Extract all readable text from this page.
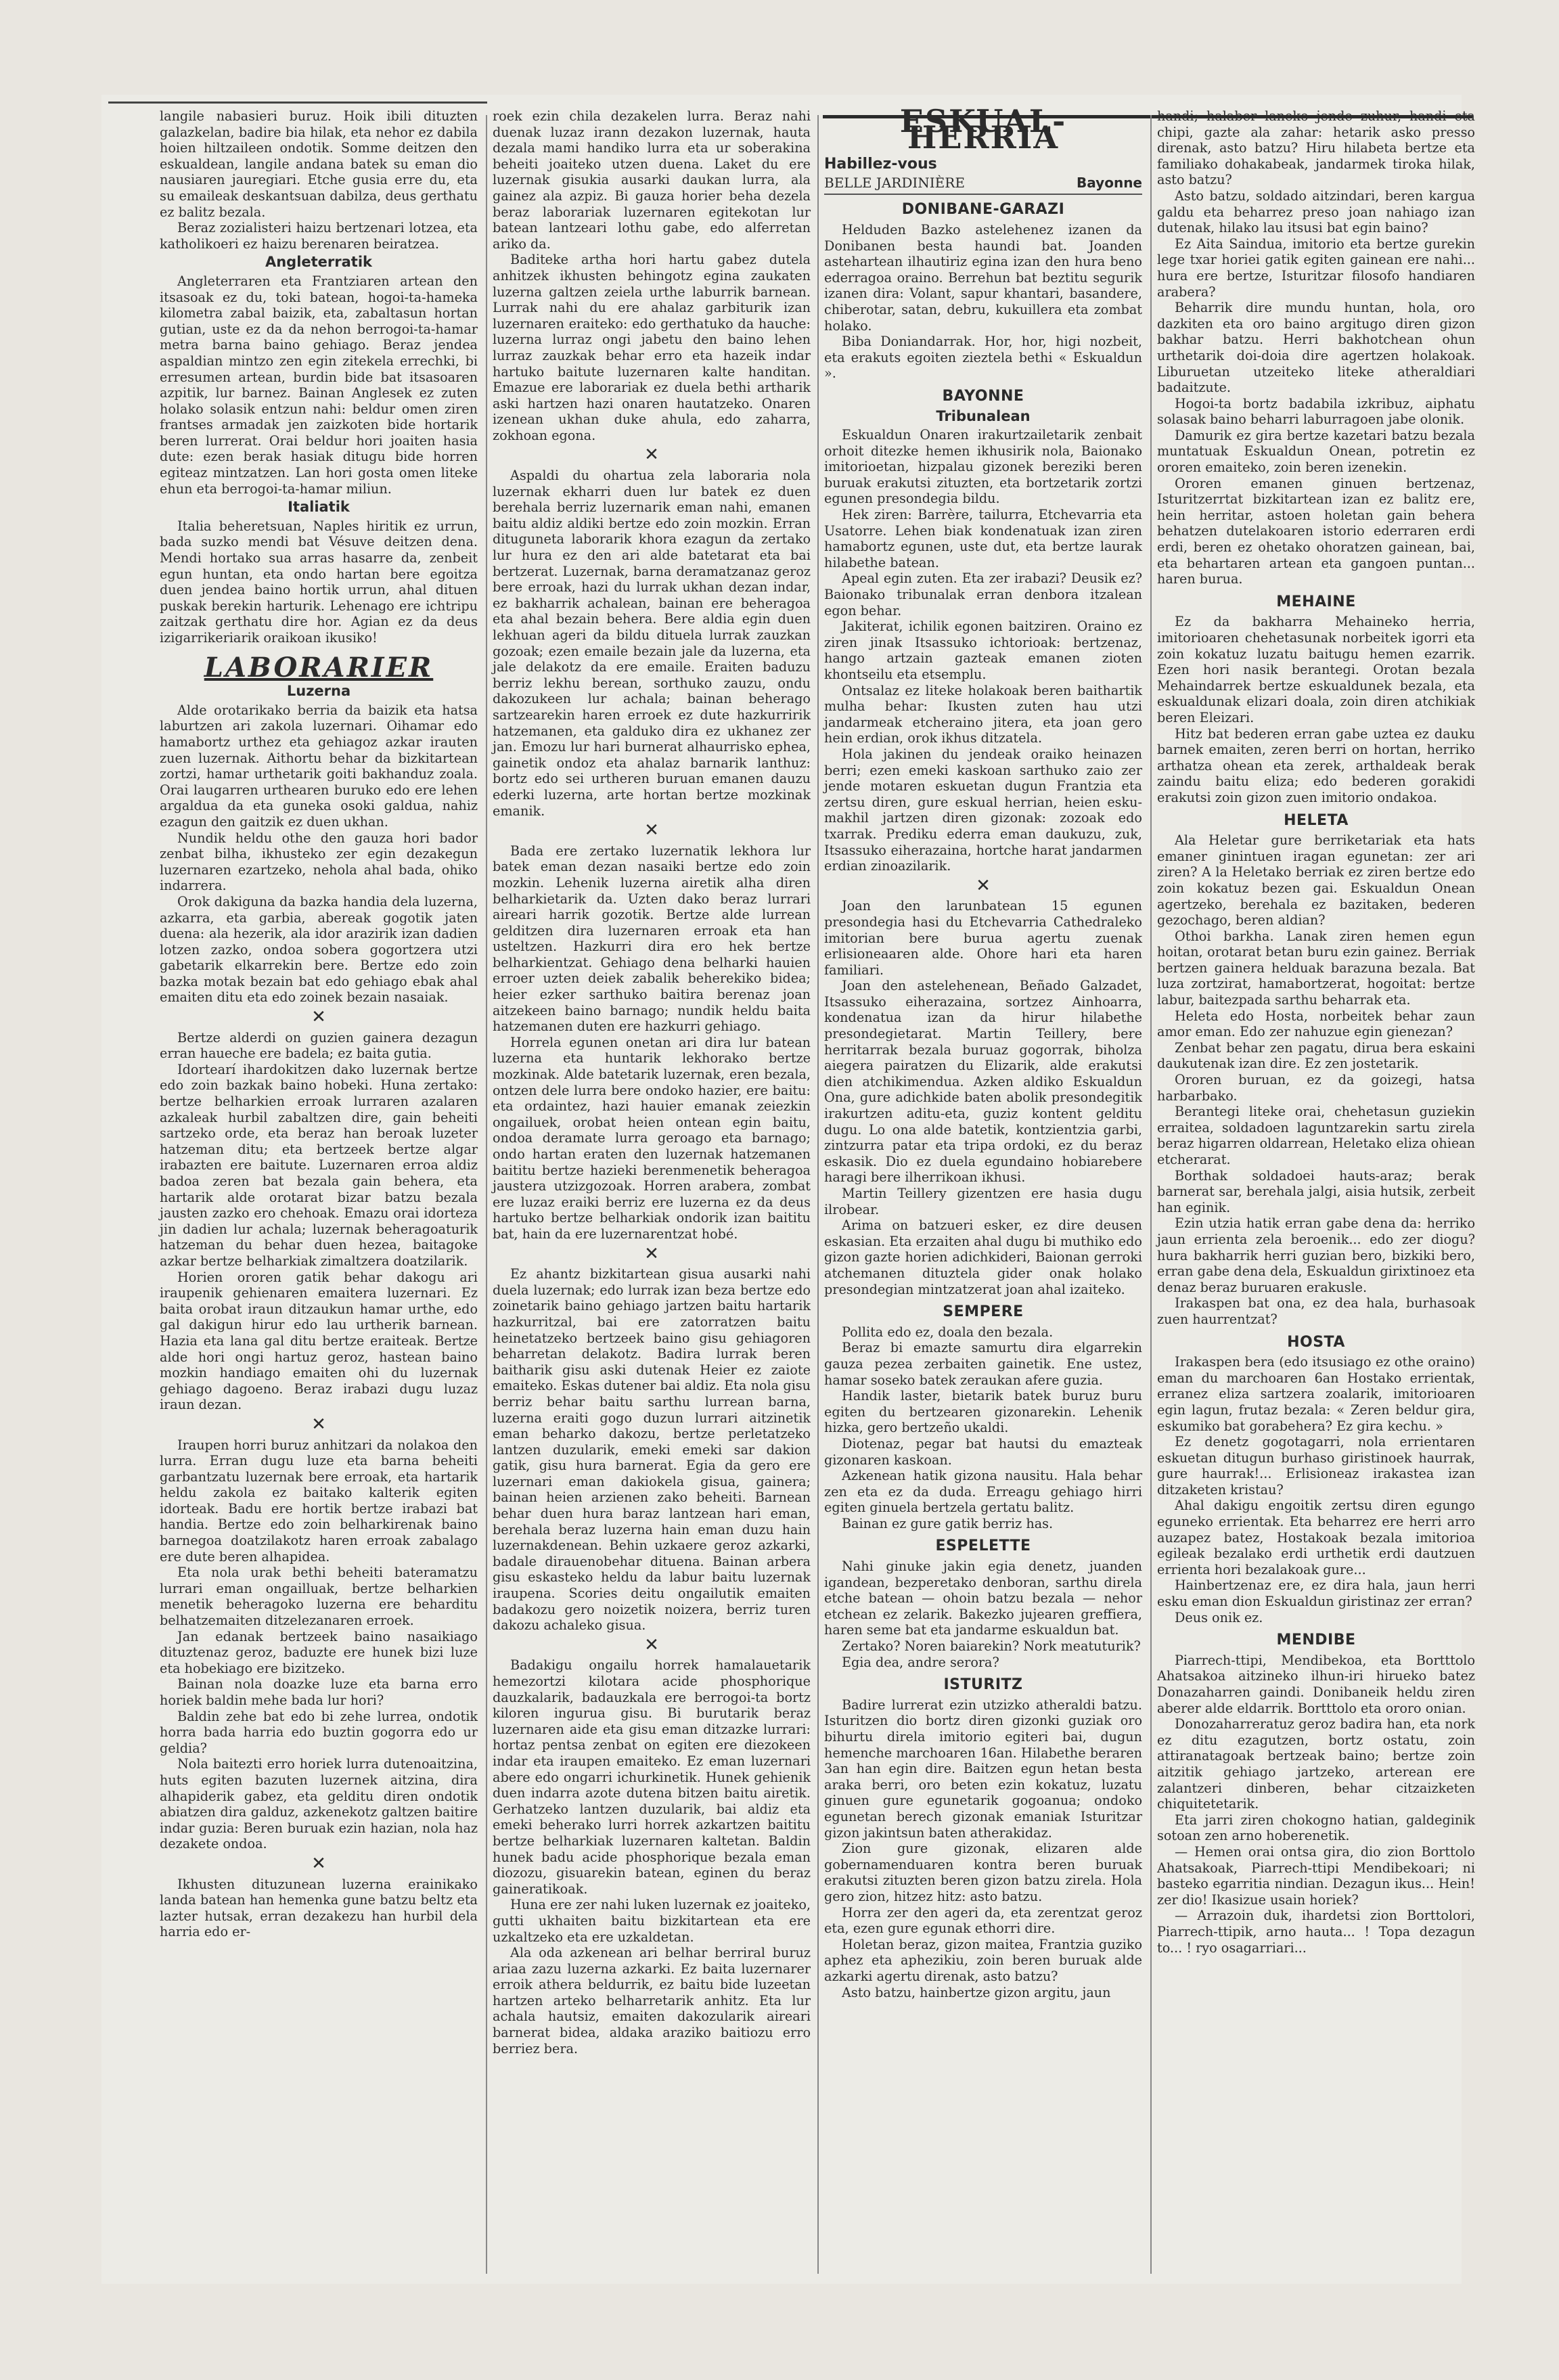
langile nabasieri buruz. Hoik ibili dituzten galazkelan, badire bia hilak, eta nehor ez dabila hoien hiltzaileen ondotik. Somme deitzen den eskualdean, langile andana batek su eman dio nausiaren jauregiari. Etche gusia erre du, eta su emaileak deskantsuan dabilza, deus gerthatu ez balitz bezala.

Beraz zozialisteri haizu bertzenari lotzea, eta katholikoeri ez haizu berenaren beiratzea.

Angleterratik

Angleterraren eta Frantziaren artean den itsasoak ez du, toki batean, hogoi-ta-hameka kilometra zabal baizik, eta, zabaltasun hortan gutian, uste ez da da nehon berrogoi-ta-hamar metra barna baino gehiago. Beraz jendea aspaldian mintzo zen egin zitekela errechki, bi erresumen artean, burdin bide bat itsasoaren azpitik, lur barnez. Bainan Anglesek ez zuten holako solasik entzun nahi: beldur omen ziren frantses armadak jen zaizkoten bide hortarik beren lurrerat. Orai beldur hori joaiten hasia dute: ezen berak hasiak ditugu bide horren egiteaz mintzatzen. Lan hori gosta omen liteke ehun eta berrogoi-ta-hamar miliun.

Italiatik

Italia beheretsuan, Naples hiritik ez urrun, bada suzko mendi bat Vésuve deitzen dena. Mendi hortako sua arras hasarre da, zenbeit egun huntan, eta ondo hartan bere egoitza duen jendea baino hortik urrun, ahal dituen puskak berekin harturik. Lehenago ere ichtripu zaitzak gerthatu dire hor. Agian ez da deus izigarrikeriarik oraikoan ikusiko!

LABORARIER
Luzerna

Alde orotarikako berria da baizik eta hatsa laburtzen ari zakola luzernari. Oihamar edo hamabortz urthez eta gehiagoz azkar irauten zuen luzernak. Aithortu behar da bizkitartean zortzi, hamar urthetarik goiti bakhanduz zoala. Orai laugarren urthearen buruko edo ere lehen argaldua da eta guneka osoki galdua, nahiz ezagun den gaitzik ez duen ukhan.

Nundik heldu othe den gauza hori bador zenbat bilha, ikhusteko zer egin dezakegun luzernaren ezartzeko, nehola ahal bada, ohiko indarrera.

Orok dakiguna da bazka handia dela luzerna, azkarra, eta garbia, abereak gogotik jaten duena: ala hezerik, ala idor arazirik izan dadien lotzen zazko, ondoa sobera gogortzera utzi gabetarik elkarrekin bere. Bertze edo zoin bazka motak bezain bat edo gehiago ebak ahal emaiten ditu eta edo zoinek bezain nasaiak.

✕

Bertze alderdi on guzien gainera dezagun erran haueche ere badela; ez baita gutia.

Idortearí ihardokitzen dako luzernak bertze edo zoin bazkak baino hobeki. Huna zertako: bertze belharkien erroak lurraren azalaren azkaleak hurbil zabaltzen dire, gain beheiti sartzeko orde, eta beraz han beroak luzeter hatzeman ditu; eta bertzeek bertze algar irabazten ere baitute. Luzernaren erroa aldiz badoa zeren bat bezala gain behera, eta hartarik alde orotarat bizar batzu bezala jausten zazko ero chehoak. Emazu orai idorteza jin dadien lur achala; luzernak beheragoaturik hatzeman du behar duen hezea, baitagoke azkar bertze belharkiak zimaltzera doatzilarik.

Horien ororen gatik behar dakogu ari iraupenik gehienaren emaitera luzernari. Ez baita orobat iraun ditzaukun hamar urthe, edo gal dakigun hirur edo lau urtherik barnean. Hazia eta lana gal ditu bertze eraiteak. Bertze alde hori ongi hartuz geroz, hastean baino mozkin handiago emaiten ohi du luzernak gehiago dagoeno. Beraz irabazi dugu luzaz iraun dezan.

✕

Iraupen horri buruz anhitzari da nolakoa den lurra. Erran dugu luze eta barna beheiti garbantzatu luzernak bere erroak, eta hartarik heldu zakola ez baitako kalterik egiten idorteak. Badu ere hortik bertze irabazi bat handia. Bertze edo zoin belharkirenak baino barnegoa doatzilakotz haren erroak zabalago ere dute beren alhapidea.

Eta nola urak bethi beheiti bateramatzu lurrari eman ongailluak, bertze belharkien menetik beheragoko luzerna ere beharditu belhatzemaiten ditzelezanaren erroek.

Jan edanak bertzeek baino nasaikiago dituztenaz geroz, baduzte ere hunek bizi luze eta hobekiago ere bizitzeko.

Bainan nola doazke luze eta barna erro horiek baldin mehe bada lur hori?

Baldin zehe bat edo bi zehe lurrea, ondotik horra bada harria edo buztin gogorra edo ur geldia?

Nola baitezti erro horiek lurra dutenoaitzina, huts egiten bazuten luzernek aitzina, dira alhapiderik gabez, eta gelditu diren ondotik abiatzen dira galduz, azkenekotz galtzen baitire indar guzia: Beren buruak ezin hazian, nola haz dezakete ondoa.

✕

Ikhusten dituzunean luzerna erainikako landa batean han hemenka gune batzu beltz eta lazter hutsak, erran dezakezu han hurbil dela harria edo er-

roek ezin chila dezakelen lurra. Beraz nahi duenak luzaz irann dezakon luzernak, hauta dezala mami handiko lurra eta ur soberakina beheiti joaiteko utzen duena. Laket du ere luzernak gisukia ausarki daukan lurra, ala gainez ala azpiz. Bi gauza horier beha dezela beraz laborariak luzernaren egitekotan lur batean lantzeari lothu gabe, edo alferretan ariko da.

Baditeke artha hori hartu gabez dutela anhitzek ikhusten behingotz egina zaukaten luzerna galtzen zeiela urthe laburrik barnean. Lurrak nahi du ere ahalaz garbiturik izan luzernaren eraiteko: edo gerthatuko da hauche: luzerna lurraz ongi jabetu den baino lehen lurraz zauzkak behar erro eta hazeik indar hartuko baitute luzernaren kalte handitan. Emazue ere laborariak ez duela bethi artharik aski hartzen hazi onaren hautatzeko. Onaren izenean ukhan duke ahula, edo zaharra, zokhoan egona.

✕

Aspaldi du ohartua zela laboraria nola luzernak ekharri duen lur batek ez duen berehala berriz luzernarik eman nahi, emanen baitu aldiz aldiki bertze edo zoin mozkin. Erran dituguneta laborarik khora ezagun da zertako lur hura ez den ari alde batetarat eta bai bertzerat. Luzernak, barna deramatzanaz geroz bere erroak, hazi du lurrak ukhan dezan indar, ez bakharrik achalean, bainan ere beheragoa eta ahal bezain behera. Bere aldia egin duen lekhuan ageri da bildu dituela lurrak zauzkan gozoak; ezen emaile bezain jale da luzerna, eta jale delakotz da ere emaile. Eraiten baduzu berriz lekhu berean, sorthuko zauzu, ondu dakozukeen lur achala; bainan beherago sartzearekin haren erroek ez dute hazkurririk hatzemanen, eta galduko dira ez ukhanez zer jan. Emozu lur hari burnerat alhaurrisko ephea, gainetik ondoz eta ahalaz barnarik lanthuz: bortz edo sei urtheren buruan emanen dauzu ederki luzerna, arte hortan bertze mozkinak emanik.

✕

Bada ere zertako luzernatik lekhora lur batek eman dezan nasaiki bertze edo zoin mozkin. Lehenik luzerna airetik alha diren belharkietarik da. Uzten dako beraz lurrari aireari harrik gozotik. Bertze alde lurrean gelditzen dira luzernaren erroak eta han usteltzen. Hazkurri dira ero hek bertze belharkientzat. Gehiago dena belharki hauien erroer uzten deiek zabalik beherekiko bidea; heier ezker sarthuko baitira berenaz joan aitzekeen baino barnago; nundik heldu baita hatzemanen duten ere hazkurri gehiago.

Horrela egunen onetan ari dira lur batean luzerna eta huntarik lekhorako bertze mozkinak. Alde batetarik luzernak, eren bezala, ontzen dele lurra bere ondoko hazier, ere baitu: eta ordaintez, hazi hauier emanak zeiezkin ongailuek, orobat heien ontean egin baitu, ondoa deramate lurra geroago eta barnago; ondo hartan eraten den luzernak hatzemanen baititu bertze hazieki berenmenetik beheragoa jaustera utzizgozoak. Horren arabera, zombat ere luzaz eraiki berriz ere luzerna ez da deus hartuko bertze belharkiak ondorik izan baititu bat, hain da ere luzernarentzat hobé.

✕

Ez ahantz bizkitartean gisua ausarki nahi duela luzernak; edo lurrak izan beza bertze edo zoinetarik baino gehiago jartzen baitu hartarik hazkurritzal, bai ere zatorratzen baitu heinetatzeko bertzeek baino gisu gehiagoren beharretan delakotz. Badira lurrak beren baitharik gisu aski dutenak Heier ez zaiote emaiteko. Eskas dutener bai aldiz. Eta nola gisu berriz behar baitu sarthu lurrean barna, luzerna eraiti gogo duzun lurrari aitzinetik eman beharko dakozu, bertze perletatzeko lantzen duzularik, emeki emeki sar dakion gatik, gisu hura barnerat. Egia da gero ere luzernari eman dakiokela gisua, gainera; bainan heien arzienen zako beheiti. Barnean behar duen hura baraz lantzean hari eman, berehala beraz luzerna hain eman duzu hain luzernakdenean. Behin uzkaere geroz azkarki, badale dirauenobehar dituena. Bainan arbera gisu eskasteko heldu da labur baitu luzernak iraupena. Scories deitu ongailutik emaiten badakozu gero noizetik noizera, berriz turen dakozu achaleko gisua.

✕

Badakigu ongailu horrek hamalauetarik hemezortzi kilotara acide phosphorique dauzkalarik, badauzkala ere berrogoi-ta bortz kiloren ingurua gisu. Bi burutarik beraz luzernaren aide eta gisu eman ditzazke lurrari: hortaz pentsa zenbat on egiten ere diezokeen indar eta iraupen emaiteko. Ez eman luzernari abere edo ongarri ichurkinetik. Hunek gehienik duen indarra azote dutena bitzen baitu airetik. Gerhatzeko lantzen duzularik, bai aldiz eta emeki beherako lurri horrek azkartzen baititu bertze belharkiak luzernaren kaltetan. Baldin hunek badu acide phosphorique bezala eman diozozu, gisuarekin batean, eginen du beraz gaineratikoak.

Huna ere zer nahi luken luzernak ez joaiteko, gutti ukhaiten baitu bizkitartean eta ere uzkaltzeko eta ere uzkaldetan.

Ala oda azkenean ari belhar berriral buruz ariaa zazu luzerna azkarki. Ez baita luzernarer erroik athera beldurrik, ez baitu bide luzeetan hartzen arteko belharretarik anhitz. Eta lur achala hautsiz, emaiten dakozularik aireari barnerat bidea, aldaka araziko baitiozu erro berriez bera.

ESKUAL-HERRIA
Habillez-vous
BELLE JARDINIÈRE	Bayonne
DONIBANE-GARAZI

Helduden Bazko astelehenez izanen da Donibanen besta haundi bat. Joanden astehartean ilhautiriz egina izan den hura beno ederragoa oraino. Berrehun bat beztitu segurik izanen dira: Volant, sapur khantari, basandere, chiberotar, satan, debru, kukuillera eta zombat holako.

Biba Doniandarrak. Hor, hor, higi nozbeit, eta erakuts egoiten zieztela bethi « Eskualdun ».

BAYONNE
Tribunalean

Eskualdun Onaren irakurtzailetarik zenbait orhoit ditezke hemen ikhusirik nola, Baionako imitorioetan, hizpalau gizonek bereziki beren buruak erakutsi zituzten, eta bortzetarik zortzi egunen presondegia bildu.

Hek ziren: Barrère, tailurra, Etchevarria eta Usatorre. Lehen biak kondenatuak izan ziren hamabortz egunen, uste dut, eta bertze laurak hilabethe batean.

Apeal egin zuten. Eta zer irabazi? Deusik ez? Baionako tribunalak erran denbora itzalean egon behar.

Jakiterat, ichilik egonen baitziren. Oraino ez ziren jinak Itsassuko ichtorioak: bertzenaz, hango artzain gazteak emanen zioten khontseilu eta etsemplu.

Ontsalaz ez liteke holakoak beren baithartik mulha behar: Ikusten zuten hau utzi jandarmeak etcheraino jitera, eta joan gero hein erdian, orok ikhus ditzatela.

Hola jakinen du jendeak oraiko heinazen berri; ezen emeki kaskoan sarthuko zaio zer jende motaren eskuetan dugun Frantzia eta zertsu diren, gure eskual herrian, heien esku-makhil jartzen diren gizonak: zozoak edo txarrak. Prediku ederra eman daukuzu, zuk, Itsassuko eiherazaina, hortche harat jandarmen erdian zinoazilarik.

✕

Joan den larunbatean 15 egunen presondegia hasi du Etchevarria Cathedraleko imitorian bere burua agertu zuenak erlisioneaaren alde. Ohore hari eta haren familiari.

Joan den astelehenean, Beñado Galzadet, Itsassuko eiherazaina, sortzez Ainhoarra, kondenatua izan da hirur hilabethe presondegietarat. Martin Teillery, bere herritarrak bezala buruaz gogorrak, biholza aiegera pairatzen du Elizarik, alde erakutsi dien atchikimendua. Azken aldiko Eskualdun Ona, gure adichkide baten abolik presondegitik irakurtzen aditu-eta, guziz kontent gelditu dugu. Lo ona alde batetik, kontzientzia garbi, zintzurra patar eta tripa ordoki, ez du beraz eskasik. Dio ez duela egundaino hobiarebere haragi bere ilherrikoan ikhusi.

Martin Teillery gizentzen ere hasia dugu ilrobear.

Arima on batzueri esker, ez dire deusen eskasian. Eta erzaiten ahal dugu bi muthiko edo gizon gazte horien adichkideri, Baionan gerroki atchemanen dituztela gider onak holako presondegian mintzatzerat joan ahal izaiteko.

SEMPERE

Pollita edo ez, doala den bezala.

Beraz bi emazte samurtu dira elgarrekin gauza pezea zerbaiten gainetik. Ene ustez, hamar soseko batek zeraukan afere guzia.

Handik laster, bietarik batek buruz buru egiten du bertzearen gizonarekin. Lehenik hizka, gero bertzeño ukaldi.

Diotenaz, pegar bat hautsi du emazteak gizonaren kaskoan.

Azkenean hatik gizona nausitu. Hala behar zen eta ez da duda. Erreagu gehiago hirri egiten ginuela bertzela gertatu balitz.

Bainan ez gure gatik berriz has.

ESPELETTE

Nahi ginuke jakin egia denetz, juanden igandean, bezperetako denboran, sarthu direla etche batean — ohoin batzu bezala — nehor etchean ez zelarik. Bakezko jujearen greffiera, haren seme bat eta jandarme eskualdun bat.

Zertako? Noren baiarekin? Nork meatuturik?

Egia dea, andre serora?

ISTURITZ

Badire lurrerat ezin utzizko atheraldi batzu. Isturitzen dio bortz diren gizonki guziak oro bihurtu direla imitorio egiteri bai, dugun hemenche marchoaren 16an. Hilabethe beraren 3an han egin dire. Baitzen egun hetan besta araka berri, oro beten ezin kokatuz, luzatu ginuen gure egunetarik gogoanua; ondoko egunetan berech gizonak emaniak Isturitzar gizon jakintsun baten atherakidaz.

Zion gure gizonak, elizaren alde gobernamenduaren kontra beren buruak erakutsi zituzten beren gizon batzu zirela. Hola gero zion, hitzez hitz: asto batzu.

Horra zer den ageri da, eta zerentzat geroz eta, ezen gure egunak ethorri dire.

Holetan beraz, gizon maitea, Frantzia guziko aphez eta aphezikiu, zoin beren buruak alde azkarki agertu direnak, asto batzu?

Asto batzu, hainbertze gizon argitu, jaun

handi; halaber laneko jende zuhur, handi eta chipi, gazte ala zahar: hetarik asko presso direnak, asto batzu? Hiru hilabeta bertze eta familiako dohakabeak, jandarmek tiroka hilak, asto batzu?

Asto batzu, soldado aitzindari, beren kargua galdu eta beharrez preso joan nahiago izan dutenak, hilako lau itsusi bat egin baino?

Ez Aita Saindua, imitorio eta bertze gurekin lege txar horiei gatik egiten gainean ere nahi... hura ere bertze, Isturitzar filosofo handiaren arabera?

Beharrik dire mundu huntan, hola, oro dazkiten eta oro baino argitugo diren gizon bakhar batzu. Herri bakhotchean ohun urthetarik doi-doia dire agertzen holakoak. Liburuetan utzeiteko liteke atheraldiari badaitzute.

Hogoi-ta bortz badabila izkribuz, aiphatu solasak baino beharri laburragoen jabe olonik.

Damurik ez gira bertze kazetari batzu bezala muntatuak Eskualdun Onean, potretin ez ororen emaiteko, zoin beren izenekin.

Ororen emanen ginuen bertzenaz, Isturitzerrtat bizkitartean izan ez balitz ere, hein herritar, astoen holetan gain behera behatzen dutelakoaren istorio ederraren erdi erdi, beren ez ohetako ohoratzen gainean, bai, eta behartaren artean eta gangoen puntan... haren burua.

MEHAINE

Ez da bakharra Mehaineko herria, imitorioaren chehetasunak norbeitek igorri eta zoin kokatuz luzatu baitugu hemen ezarrik. Ezen hori nasik berantegi. Orotan bezala Mehaindarrek bertze eskualdunek bezala, eta eskualdunak elizari doala, zoin diren atchikiak beren Eleizari.

Hitz bat bederen erran gabe uztea ez dauku barnek emaiten, zeren berri on hortan, herriko arthatza ohean eta zerek, arthaldeak berak zaindu baitu eliza; edo bederen gorakidi erakutsi zoin gizon zuen imitorio ondakoa.

HELETA

Ala Heletar gure berriketariak eta hats emaner ginintuen iragan egunetan: zer ari ziren? A la Heletako berriak ez ziren bertze edo zoin kokatuz bezen gai. Eskualdun Onean agertzeko, berehala ez bazitaken, bederen gezochago, beren aldian?

Othoi barkha. Lanak ziren hemen egun hoitan, orotarat betan buru ezin gainez. Berriak bertzen gainera helduak barazuna bezala. Bat luza zortzirat, hamabortzerat, hogoitat: bertze labur, baitezpada sarthu beharrak eta.

Heleta edo Hosta, norbeitek behar zaun amor eman. Edo zer nahuzue egin gienezan?

Zenbat behar zen pagatu, dirua bera eskaini daukutenak izan dire. Ez zen jostetarik.

Ororen buruan, ez da goizegi, hatsa harbarbako.

Berantegi liteke orai, chehetasun guziekin erraitea, soldadoen laguntzarekin sartu zirela beraz higarren oldarrean, Heletako eliza ohiean etcherarat.

Borthak soldadoei hauts-araz; berak barnerat sar, berehala jalgi, aisia hutsik, zerbeit han eginik.

Ezin utzia hatik erran gabe dena da: herriko jaun errienta zela beroenik... edo zer diogu? hura bakharrik herri guzian bero, bizkiki bero, erran gabe dena dela, Eskualdun girixtinoez eta denaz beraz buruaren erakusle.

Irakaspen bat ona, ez dea hala, burhasoak zuen haurrentzat?

HOSTA

Irakaspen bera (edo itsusiago ez othe oraino) eman du marchoaren 6an Hostako errientak, erranez eliza sartzera zoalarik, imitorioaren egin lagun, frutaz bezala: « Zeren beldur gira, eskumiko bat gorabehera? Ez gira kechu. »

Ez denetz gogotagarri, nola errientaren eskuetan ditugun burhaso giristinoek haurrak, gure haurrak!... Erlisioneaz irakastea izan ditzaketen kristau?

Ahal dakigu engoitik zertsu diren egungo eguneko errientak. Eta beharrez ere herri arro auzapez batez, Hostakoak bezala imitorioa egileak bezalako erdi urthetik erdi dautzuen errienta hori bezalakoak gure...

Hainbertzenaz ere, ez dira hala, jaun herri esku eman dion Eskualdun giristinaz zer erran?

Deus onik ez.

MENDIBE

Piarrech-ttipi, Mendibekoa, eta Bortttolo Ahatsakoa aitzineko ilhun-iri hirueko batez Donazaharren gaindi. Donibaneik heldu ziren aberer alde eldarrik. Bortttolo eta ororo onian.

Donozaharreratuz geroz badira han, eta nork ez ditu ezagutzen, bortz ostatu, zoin attiranatagoak bertzeak baino; bertze zoin aitzitik gehiago jartzeko, arterean ere zalantzeri dinberen, behar citzaizketen chiquitetetarik.

Eta jarri ziren chokogno hatian, galdeginik sotoan zen arno hoberenetik.

— Hemen orai ontsa gira, dio zion Borttolo Ahatsakoak, Piarrech-ttipi Mendibekoari; ni basteko egarritia nindian. Dezagun ikus... Hein! zer dio! Ikasizue usain horiek?

— Arrazoin duk, ihardetsi zion Borttolori, Piarrech-ttipik, arno hauta... ! Topa dezagun to... ! ryo osagarriari...
